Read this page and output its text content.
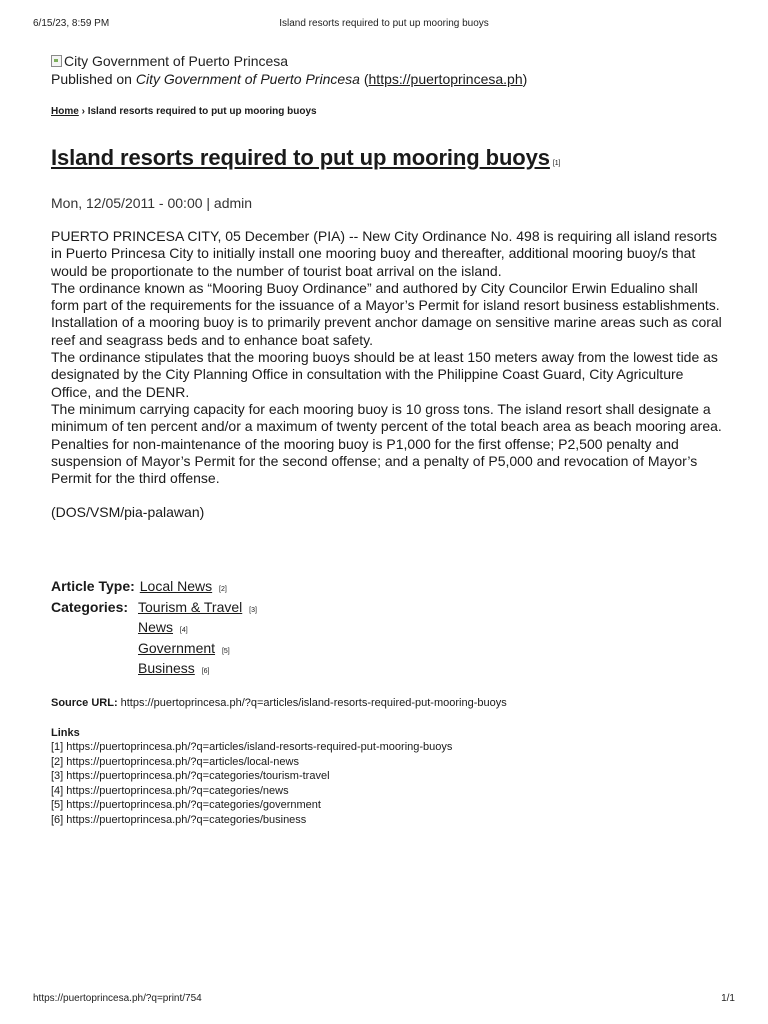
6/15/23, 8:59 PM	Island resorts required to put up mooring buoys
City Government of Puerto Princesa
Published on City Government of Puerto Princesa (https://puertoprincesa.ph)
Home › Island resorts required to put up mooring buoys
Island resorts required to put up mooring buoys [1]
Mon, 12/05/2011 - 00:00 | admin

PUERTO PRINCESA CITY, 05 December (PIA) -- New City Ordinance No. 498 is requiring all island resorts in Puerto Princesa City to initially install one mooring buoy and thereafter, additional mooring buoy/s that would be proportionate to the number of tourist boat arrival on the island.

The ordinance known as “Mooring Buoy Ordinance” and authored by City Councilor Erwin Edualino shall form part of the requirements for the issuance of a Mayor’s Permit for island resort business establishments.

Installation of a mooring buoy is to primarily prevent anchor damage on sensitive marine areas such as coral reef and seagrass beds and to enhance boat safety.

The ordinance stipulates that the mooring buoys should be at least 150 meters away from the lowest tide as designated by the City Planning Office in consultation with the Philippine Coast Guard, City Agriculture Office, and the DENR.

The minimum carrying capacity for each mooring buoy is 10 gross tons. The island resort shall designate a minimum of ten percent and/or a maximum of twenty percent of the total beach area as beach mooring area.

Penalties for non-maintenance of the mooring buoy is P1,000 for the first offense; P2,500 penalty and suspension of Mayor’s Permit for the second offense; and a penalty of P5,000 and revocation of Mayor’s Permit for the third offense.

(DOS/VSM/pia-palawan)
Article Type: Local News [2]
Categories: Tourism & Travel [3]
News [4]
Government [5]
Business [6]
Source URL: https://puertoprincesa.ph/?q=articles/island-resorts-required-put-mooring-buoys
Links
[1] https://puertoprincesa.ph/?q=articles/island-resorts-required-put-mooring-buoys
[2] https://puertoprincesa.ph/?q=articles/local-news
[3] https://puertoprincesa.ph/?q=categories/tourism-travel
[4] https://puertoprincesa.ph/?q=categories/news
[5] https://puertoprincesa.ph/?q=categories/government
[6] https://puertoprincesa.ph/?q=categories/business
https://puertoprincesa.ph/?q=print/754	1/1
